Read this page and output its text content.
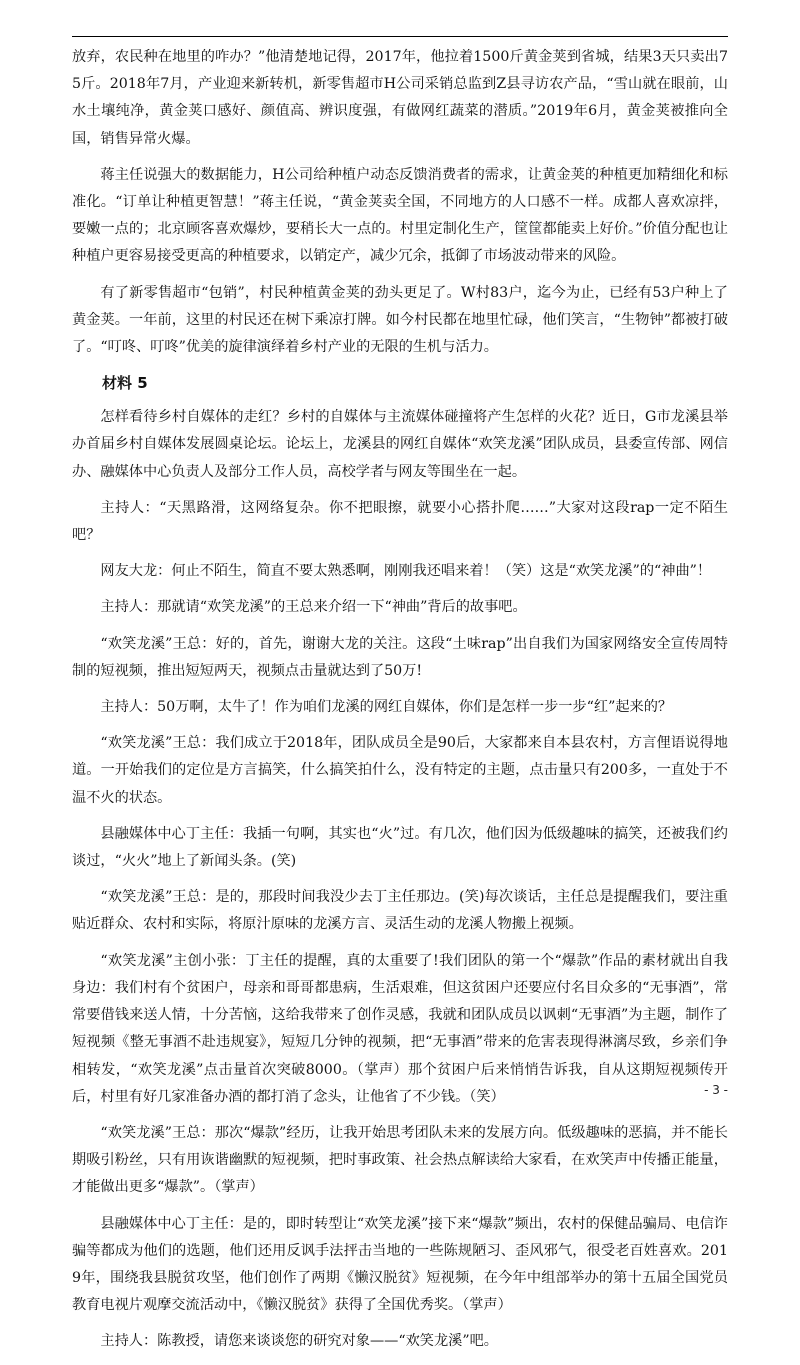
放弃，农民种在地里的咋办？”他清楚地记得，2017年，他拉着1500斤黄金荚到省城，结果3天只卖出75斤。2018年7月，产业迎来新转机，新零售超市H公司采销总监到Z县寻访农产品，“雪山就在眼前，山水土壤纯净，黄金荚口感好、颜值高、辨识度强，有做网红蔬菜的潜质。”2019年6月，黄金荚被推向全国，销售异常火爆。

蒋主任说强大的数据能力，H公司给种植户动态反馈消费者的需求，让黄金荚的种植更加精细化和标准化。“订单让种植更智慧！”蒋主任说，“黄金荚卖全国，不同地方的人口感不一样。成都人喜欢凉拌，要嫩一点的；北京顾客喜欢爆炒，要稍长大一点的。村里定制化生产，筐筐都能卖上好价。”价值分配也让种植户更容易接受更高的种植要求，以销定产，减少冗余，抵御了市场波动带来的风险。

有了新零售超市“包销”，村民种植黄金荚的劲头更足了。W村83户，迄今为止，已经有53户种上了黄金荚。一年前，这里的村民还在树下乘凉打牌。如今村民都在地里忙碌，他们笑言，“生物钟”都被打破了。“叮咚、叮咚”优美的旋律演绎着乡村产业的无限的生机与活力。

材料 5

怎样看待乡村自媒体的走红？乡村的自媒体与主流媒体碰撞将产生怎样的火花？近日，G市龙溪县举办首届乡村自媒体发展圆桌论坛。论坛上，龙溪县的网红自媒体“欢笑龙溪”团队成员，县委宣传部、网信办、融媒体中心负责人及部分工作人员，高校学者与网友等围坐在一起。

主持人：“天黑路滑，这网络复杂。你不把眼擦，就要小心搭扑爬……”大家对这段rap一定不陌生吧？

网友大龙：何止不陌生，简直不要太熟悉啊，刚刚我还唱来着！（笑）这是“欢笑龙溪”的“神曲”！

主持人：那就请“欢笑龙溪”的王总来介绍一下“神曲”背后的故事吧。

“欢笑龙溪”王总：好的，首先，谢谢大龙的关注。这段“土味rap”出自我们为国家网络安全宣传周特制的短视频，推出短短两天，视频点击量就达到了50万!

主持人：50万啊，太牛了！作为咱们龙溪的网红自媒体，你们是怎样一步一步“红”起来的？

“欢笑龙溪”王总：我们成立于2018年，团队成员全是90后，大家都来自本县农村，方言俚语说得地道。一开始我们的定位是方言搞笑，什么搞笑拍什么，没有特定的主题，点击量只有200多，一直处于不温不火的状态。

县融媒体中心丁主任：我插一句啊，其实也“火”过。有几次，他们因为低级趣味的搞笑，还被我们约谈过，“火火”地上了新闻头条。(笑)

“欢笑龙溪”王总：是的，那段时间我没少去丁主任那边。(笑)每次谈话，主任总是提醒我们，要注重贴近群众、农村和实际，将原汁原味的龙溪方言、灵活生动的龙溪人物搬上视频。

“欢笑龙溪”主创小张：丁主任的提醒，真的太重要了!我们团队的第一个“爆款”作品的素材就出自我身边：我们村有个贫困户，母亲和哥哥都患病，生活艰难，但这贫困户还要应付名目众多的“无事酒”，常常要借钱来送人情，十分苦恼，这给我带来了创作灵感，我就和团队成员以讽刺“无事酒”为主题，制作了短视频《整无事酒不赴违规宴》，短短几分钟的视频，把“无事酒”带来的危害表现得淋漓尽致，乡亲们争相转发，“欢笑龙溪”点击量首次突破8000。（掌声）那个贫困户后来悄悄告诉我，自从这期短视频传开后，村里有好几家准备办酒的都打消了念头，让他省了不少钱。（笑）

“欢笑龙溪”王总：那次“爆款”经历，让我开始思考团队未来的发展方向。低级趣味的恶搞，并不能长期吸引粉丝，只有用诙谐幽默的短视频，把时事政策、社会热点解读给大家看，在欢笑声中传播正能量，才能做出更多“爆款”。（掌声）

县融媒体中心丁主任：是的，即时转型让“欢笑龙溪”接下来“爆款”频出，农村的保健品骗局、电信诈骗等都成为他们的选题，他们还用反讽手法抨击当地的一些陈规陋习、歪风邪气，很受老百姓喜欢。2019年，围绕我县脱贫攻坚，他们创作了两期《懒汉脱贫》短视频，在今年中组部举办的第十五届全国党员教育电视片观摩交流活动中，《懒汉脱贫》获得了全国优秀奖。（掌声）

主持人：陈教授，请您来谈谈您的研究对象——“欢笑龙溪”吧。

- 3 -
